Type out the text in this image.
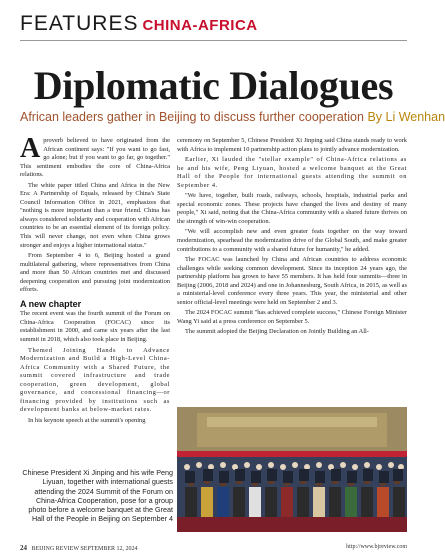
FEATURES CHINA-AFRICA
Diplomatic Dialogues
African leaders gather in Beijing to discuss further cooperation By Li Wenhan

Aproverb believed to have originated from the African continent says: "If you want to go fast, go alone; but if you want to go far, go together." This sentiment embodies the core of China-Africa relations.

The white paper titled China and Africa in the New Era: A Partnership of Equals, released by China's State Council Information Office in 2021, emphasizes that "nothing is more important than a true friend. China has always considered solidarity and cooperation with African countries to be an essential element of its foreign policy. This will never change, not even when China grows stronger and enjoys a higher international status."

From September 4 to 6, Beijing hosted a grand multilateral gathering, where representatives from China and more than 50 African countries met and discussed deepening cooperation and pursuing joint modernization efforts.

A new chapter

The recent event was the fourth summit of the Forum on China-Africa Cooperation (FOCAC) since its establishment in 2000, and came six years after the last summit in 2018, which also took place in Beijing.

Themed Joining Hands to Advance Modernization and Build a High-Level China-Africa Community with a Shared Future, the summit covered infrastructure and trade cooperation, green development, global governance, and concessional financing—or financing provided by institutions such as development banks at below-market rates.

In his keynote speech at the summit's opening

ceremony on September 5, Chinese President Xi Jinping said China stands ready to work with Africa to implement 10 partnership action plans to jointly advance modernization.

Earlier, Xi lauded the "stellar example" of China-Africa relations as he and his wife, Peng Liyuan, hosted a welcome banquet at the Great Hall of the People for international guests attending the summit on September 4.

"We have, together, built roads, railways, schools, hospitals, industrial parks and special economic zones. These projects have changed the lives and destiny of many people," Xi said, noting that the China-Africa community with a shared future thrives on the strength of win-win cooperation.

"We will accomplish new and even greater feats together on the way toward modernization, spearhead the modernization drive of the Global South, and make greater contributions to a community with a shared future for humanity," he added.

The FOCAC was launched by China and African countries to address economic challenges while seeking common development. Since its inception 24 years ago, the partnership platform has grown to have 55 members. It has held four summits—three in Beijing (2006, 2018 and 2024) and one in Johannesburg, South Africa, in 2015, as well as a ministerial-level conference every three years. This year, the ministerial and other senior official-level meetings were held on September 2 and 3.

The 2024 FOCAC summit "has achieved complete success," Chinese Foreign Minister Wang Yi said at a press conference on September 5.

The summit adopted the Beijing Declaration on Jointly Building an All-

Chinese President Xi Jinping and his wife Peng Liyuan, together with international guests attending the 2024 Summit of the Forum on China-Africa Cooperation, pose for a group photo before a welcome banquet at the Great Hall of the People in Beijing on September 4
24 BEIJING REVIEW SEPTEMBER 12, 2024	http://www.bjreview.com
